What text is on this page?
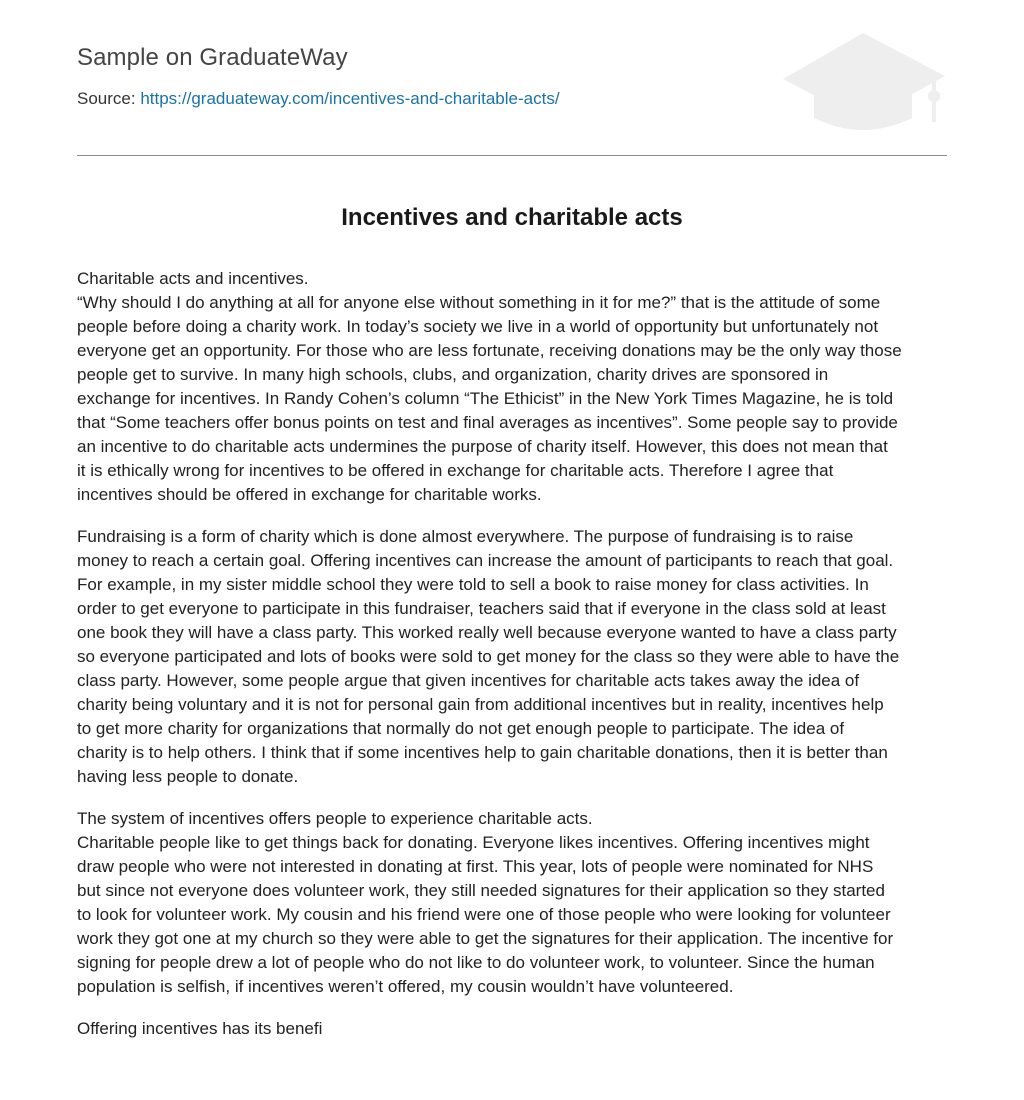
Sample on GraduateWay
Source: https://graduateway.com/incentives-and-charitable-acts/
Incentives and charitable acts

Charitable acts and incentives.
“Why should I do anything at all for anyone else without something in it for me?” that is the attitude of some
people before doing a charity work. In today’s society we live in a world of opportunity but unfortunately not
everyone get an opportunity. For those who are less fortunate, receiving donations may be the only way those
people get to survive. In many high schools, clubs, and organization, charity drives are sponsored in
exchange for incentives. In Randy Cohen’s column “The Ethicist” in the New York Times Magazine, he is told
that “Some teachers offer bonus points on test and final averages as incentives”. Some people say to provide
an incentive to do charitable acts undermines the purpose of charity itself. However, this does not mean that
it is ethically wrong for incentives to be offered in exchange for charitable acts. Therefore I agree that
incentives should be offered in exchange for charitable works.

Fundraising is a form of charity which is done almost everywhere. The purpose of fundraising is to raise
money to reach a certain goal. Offering incentives can increase the amount of participants to reach that goal.
For example, in my sister middle school they were told to sell a book to raise money for class activities. In
order to get everyone to participate in this fundraiser, teachers said that if everyone in the class sold at least
one book they will have a class party. This worked really well because everyone wanted to have a class party
so everyone participated and lots of books were sold to get money for the class so they were able to have the
class party. However, some people argue that given incentives for charitable acts takes away the idea of
charity being voluntary and it is not for personal gain from additional incentives but in reality, incentives help
to get more charity for organizations that normally do not get enough people to participate. The idea of
charity is to help others. I think that if some incentives help to gain charitable donations, then it is better than
having less people to donate.

The system of incentives offers people to experience charitable acts.
Charitable people like to get things back for donating. Everyone likes incentives. Offering incentives might
draw people who were not interested in donating at first. This year, lots of people were nominated for NHS
but since not everyone does volunteer work, they still needed signatures for their application so they started
to look for volunteer work. My cousin and his friend were one of those people who were looking for volunteer
work they got one at my church so they were able to get the signatures for their application. The incentive for
signing for people drew a lot of people who do not like to do volunteer work, to volunteer. Since the human
population is selfish, if incentives weren’t offered, my cousin wouldn’t have volunteered.

Offering incentives has its benefi
